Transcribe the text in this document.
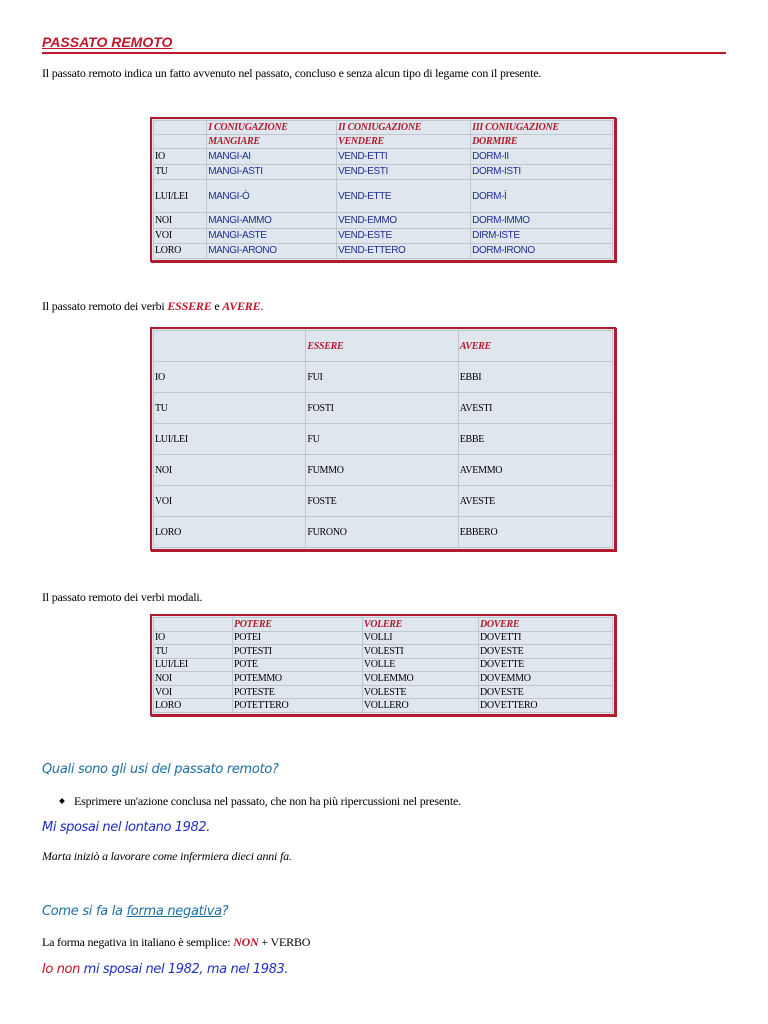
PASSATO REMOTO
Il passato remoto indica un fatto avvenuto nel passato, concluso e senza alcun tipo di legame con il presente.
	I CONIUGAZIONE	II CONIUGAZIONE	III CONIUGAZIONE
	MANGIARE	VENDERE	DORMIRE
IO	MANGI-AI	VEND-ETTI	DORM-II
TU	MANGI-ASTI	VEND-ESTI	DORM-ISTI
LUI/LEI	MANGI-Ò	VEND-ETTE	DORM-Ì
NOI	MANGI-AMMO	VEND-EMMO	DORM-IMMO
VOI	MANGI-ASTE	VEND-ESTE	DIRM-ISTE
LORO	MANGI-ARONO	VEND-ETTERO	DORM-IRONO
Il passato remoto dei verbi ESSERE e AVERE.
	ESSERE	AVERE
IO	FUI	EBBI
TU	FOSTI	AVESTI
LUI/LEI	FU	EBBE
NOI	FUMMO	AVEMMO
VOI	FOSTE	AVESTE
LORO	FURONO	EBBERO
Il passato remoto dei verbi modali.
	POTERE	VOLERE	DOVERE
IO	POTEI	VOLLI	DOVETTI
TU	POTESTI	VOLESTI	DOVESTE
LUI/LEI	POTÉ	VOLLE	DOVETTE
NOI	POTEMMO	VOLEMMO	DOVEMMO
VOI	POTESTE	VOLESTE	DOVESTE
LORO	POTETTERO	VOLLERO	DOVETTERO
Quali sono gli usi del passato remoto?
Esprimere un'azione conclusa nel passato, che non ha più ripercussioni nel presente.
Mi sposai nel lontano 1982.
Marta iniziò a lavorare come infermiera dieci anni fa.
Come si fa la forma negativa?
La forma negativa in italiano è semplice: NON + VERBO
Io non mi sposai nel 1982, ma nel 1983.
